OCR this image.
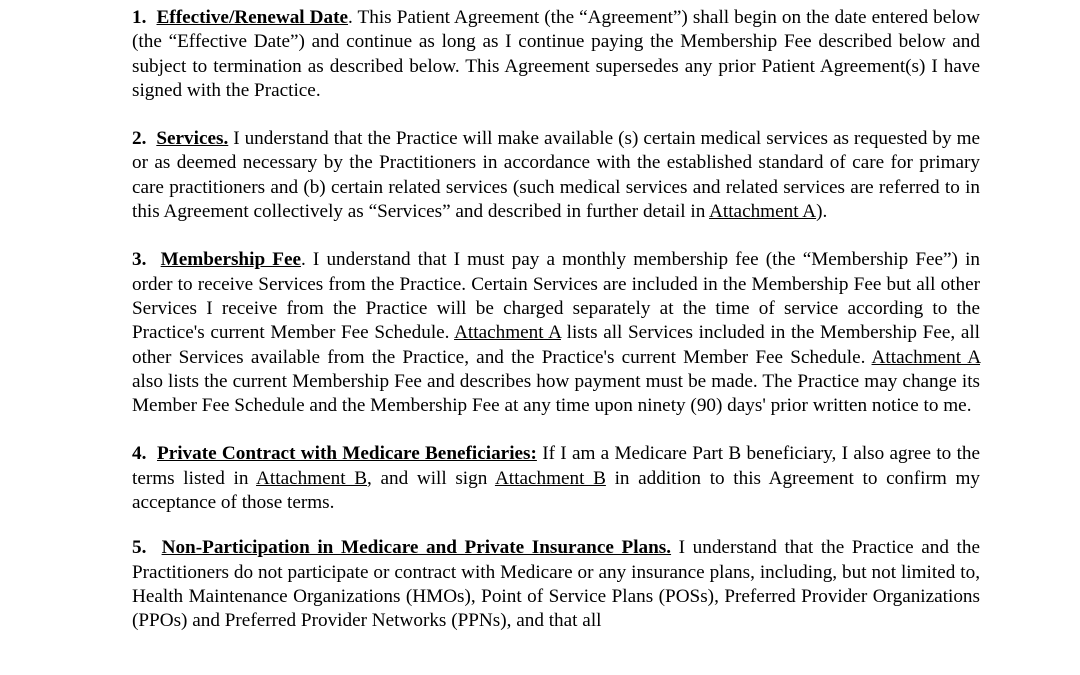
1. Effective/Renewal Date. This Patient Agreement (the “Agreement”) shall begin on the date entered below (the “Effective Date”) and continue as long as I continue paying the Membership Fee described below and subject to termination as described below. This Agreement supersedes any prior Patient Agreement(s) I have signed with the Practice.

2. Services. I understand that the Practice will make available (s) certain medical services as requested by me or as deemed necessary by the Practitioners in accordance with the established standard of care for primary care practitioners and (b) certain related services (such medical services and related services are referred to in this Agreement collectively as “Services” and described in further detail in Attachment A).

3. Membership Fee. I understand that I must pay a monthly membership fee (the “Membership Fee”) in order to receive Services from the Practice. Certain Services are included in the Membership Fee but all other Services I receive from the Practice will be charged separately at the time of service according to the Practice's current Member Fee Schedule. Attachment A lists all Services included in the Membership Fee, all other Services available from the Practice, and the Practice's current Member Fee Schedule. Attachment A also lists the current Membership Fee and describes how payment must be made. The Practice may change its Member Fee Schedule and the Membership Fee at any time upon ninety (90) days' prior written notice to me.

4. Private Contract with Medicare Beneficiaries: If I am a Medicare Part B beneficiary, I also agree to the terms listed in Attachment B, and will sign Attachment B in addition to this Agreement to confirm my acceptance of those terms.

5. Non-Participation in Medicare and Private Insurance Plans. I understand that the Practice and the Practitioners do not participate or contract with Medicare or any insurance plans, including, but not limited to, Health Maintenance Organizations (HMOs), Point of Service Plans (POSs), Preferred Provider Organizations (PPOs) and Preferred Provider Networks (PPNs), and that all
